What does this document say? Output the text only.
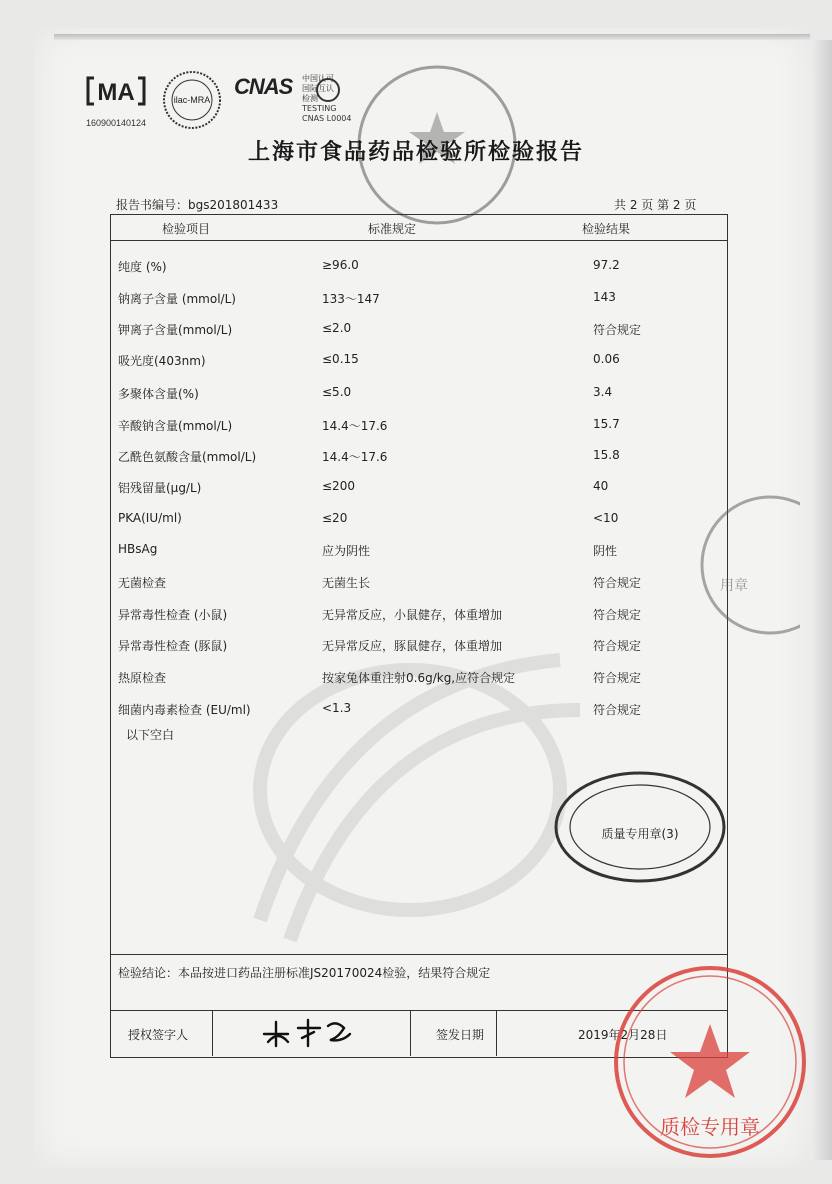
MA
160900140124
ilac-MRA
CNAS 中国认可
国际互认
检测
TESTING
CNAS L0004
上海市食品药品检验所检验报告
报告书编号：bgs201801433	共 2 页 第 2 页
检验项目	标准规定	检验结果
纯度 (%)	≥96.0	97.2
钠离子含量 (mmol/L)	133～147	143
钾离子含量(mmol/L)	≤2.0	符合规定
吸光度(403nm)	≤0.15	0.06
多聚体含量(%)	≤5.0	3.4
辛酸钠含量(mmol/L)	14.4～17.6	15.7
乙酰色氨酸含量(mmol/L)	14.4～17.6	15.8
铝残留量(μg/L)	≤200	40
PKA(IU/ml)	≤20	<10
HBsAg	应为阴性	阴性
无菌检查	无菌生长	符合规定
异常毒性检查 (小鼠)	无异常反应，小鼠健存，体重增加	符合规定
异常毒性检查 (豚鼠)	无异常反应，豚鼠健存，体重增加	符合规定
热原检查	按家兔体重注射0.6g/kg,应符合规定	符合规定
细菌内毒素检查 (EU/ml)	<1.3	符合规定
以下空白
检验结论：本品按进口药品注册标准JS20170024检验，结果符合规定
授权签字人	签发日期	2019年2月28日
用章
质量专用章(3)
质检专用章
